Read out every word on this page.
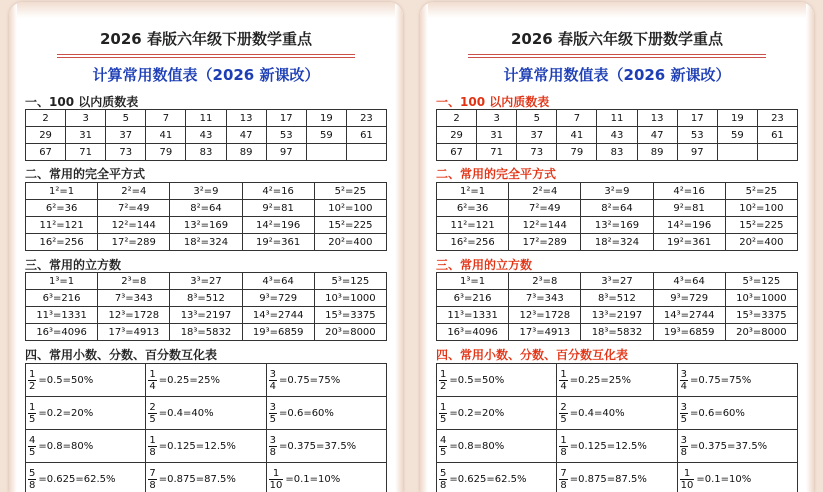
2026 春版六年级下册数学重点
计算常用数值表（2026 新课改）
一、100 以内质数表
2	3	5	7	11	13	17	19	23
29	31	37	41	43	47	53	59	61
67	71	73	79	83	89	97		
二、常用的完全平方式
1²=1	2²=4	3²=9	4²=16	5²=25
6²=36	7²=49	8²=64	9²=81	10²=100
11²=121	12²=144	13²=169	14²=196	15²=225
16²=256	17²=289	18²=324	19²=361	20²=400
三、常用的立方数
1³=1	2³=8	3³=27	4³=64	5³=125
6³=216	7³=343	8³=512	9³=729	10³=1000
11³=1331	12³=1728	13³=2197	14³=2744	15³=3375
16³=4096	17³=4913	18³=5832	19³=6859	20³=8000
四、常用小数、分数、百分数互化表
$\frac{1}{2} =0.5=50\%$	$\frac{1}{4} =0.25=25\%$	$\frac{3}{4} =0.75=75\%$

$\frac{1}{5} =0.2=20\%$	$\frac{2}{5} =0.4=40\%$	$\frac{3}{5} =0.6=60\%$

$\frac{4}{5} =0.8=80\%$	$\frac{1}{8} =0.125=12.5\%$	$\frac{3}{8} =0.375=37.5\%$

$\frac{5}{8} =0.625=62.5\%$	$\frac{7}{8} =0.875=87.5\%$	$\frac{1}{10} =0.1=10\%$
2026 春版六年级下册数学重点
计算常用数值表（2026 新课改）
一、100 以内质数表
2	3	5	7	11	13	17	19	23
29	31	37	41	43	47	53	59	61
67	71	73	79	83	89	97		
二、常用的完全平方式
1²=1	2²=4	3²=9	4²=16	5²=25
6²=36	7²=49	8²=64	9²=81	10²=100
11²=121	12²=144	13²=169	14²=196	15²=225
16²=256	17²=289	18²=324	19²=361	20²=400
三、常用的立方数
1³=1	2³=8	3³=27	4³=64	5³=125
6³=216	7³=343	8³=512	9³=729	10³=1000
11³=1331	12³=1728	13³=2197	14³=2744	15³=3375
16³=4096	17³=4913	18³=5832	19³=6859	20³=8000
四、常用小数、分数、百分数互化表
$\frac{1}{2} =0.5=50\%$	$\frac{1}{4} =0.25=25\%$	$\frac{3}{4} =0.75=75\%$

$\frac{1}{5} =0.2=20\%$	$\frac{2}{5} =0.4=40\%$	$\frac{3}{5} =0.6=60\%$

$\frac{4}{5} =0.8=80\%$	$\frac{1}{8} =0.125=12.5\%$	$\frac{3}{8} =0.375=37.5\%$

$\frac{5}{8} =0.625=62.5\%$	$\frac{7}{8} =0.875=87.5\%$	$\frac{1}{10} =0.1=10\%$
